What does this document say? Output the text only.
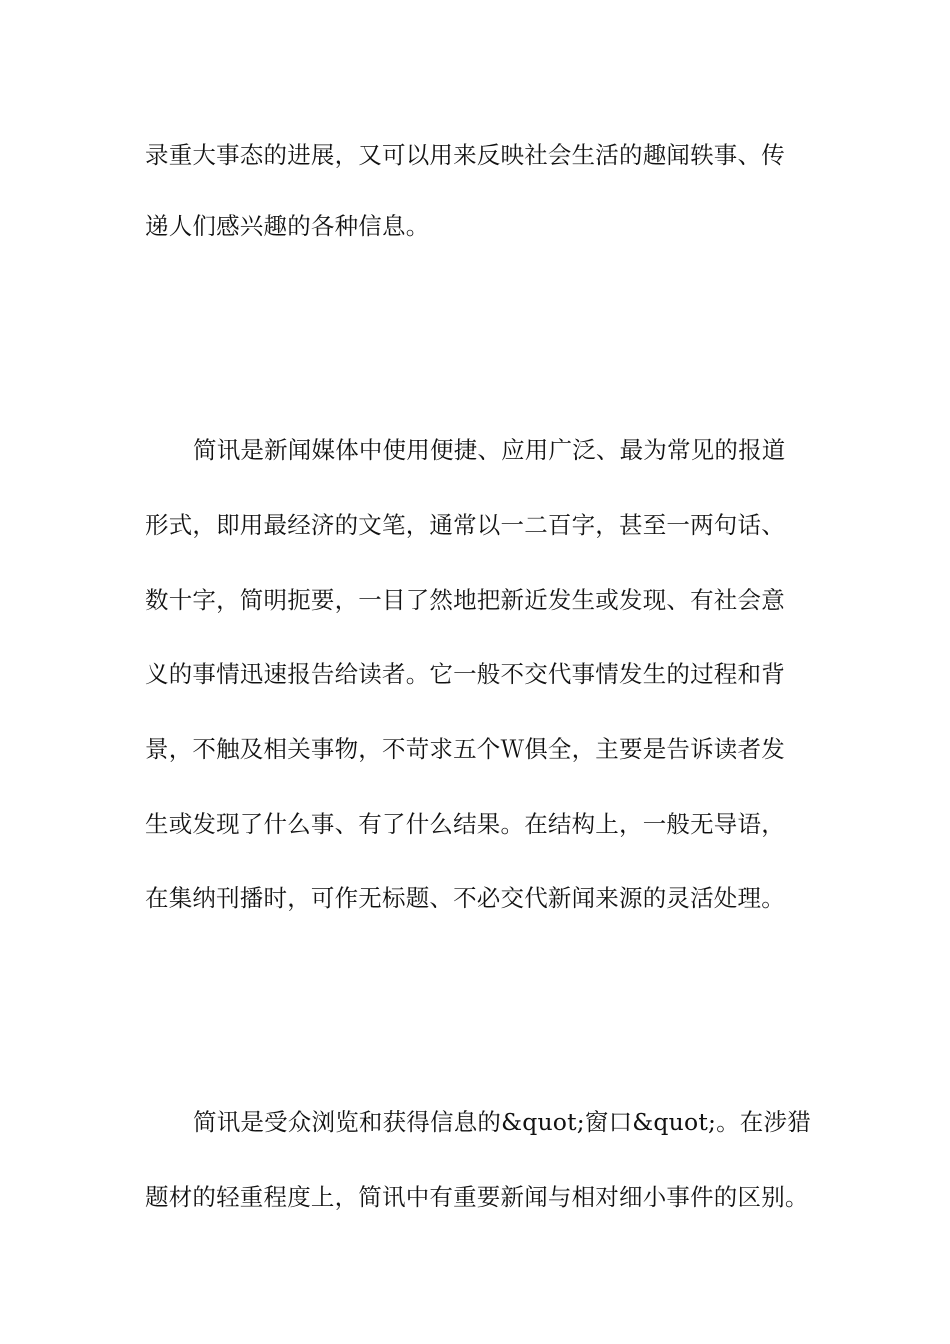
录重大事态的进展，又可以用来反映社会生活的趣闻轶事、传
递人们感兴趣的各种信息。
简讯是新闻媒体中使用便捷、应用广泛、最为常见的报道
形式，即用最经济的文笔，通常以一二百字，甚至一两句话、
数十字，简明扼要，一目了然地把新近发生或发现、有社会意
义的事情迅速报告给读者。它一般不交代事情发生的过程和背
景，不触及相关事物，不苛求五个Ｗ俱全，主要是告诉读者发
生或发现了什么事、有了什么结果。在结构上，一般无导语，
在集纳刊播时，可作无标题、不必交代新闻来源的灵活处理。
简讯是受众浏览和获得信息的&quot;窗口&quot;。在涉猎
题材的轻重程度上，简讯中有重要新闻与相对细小事件的区别。
